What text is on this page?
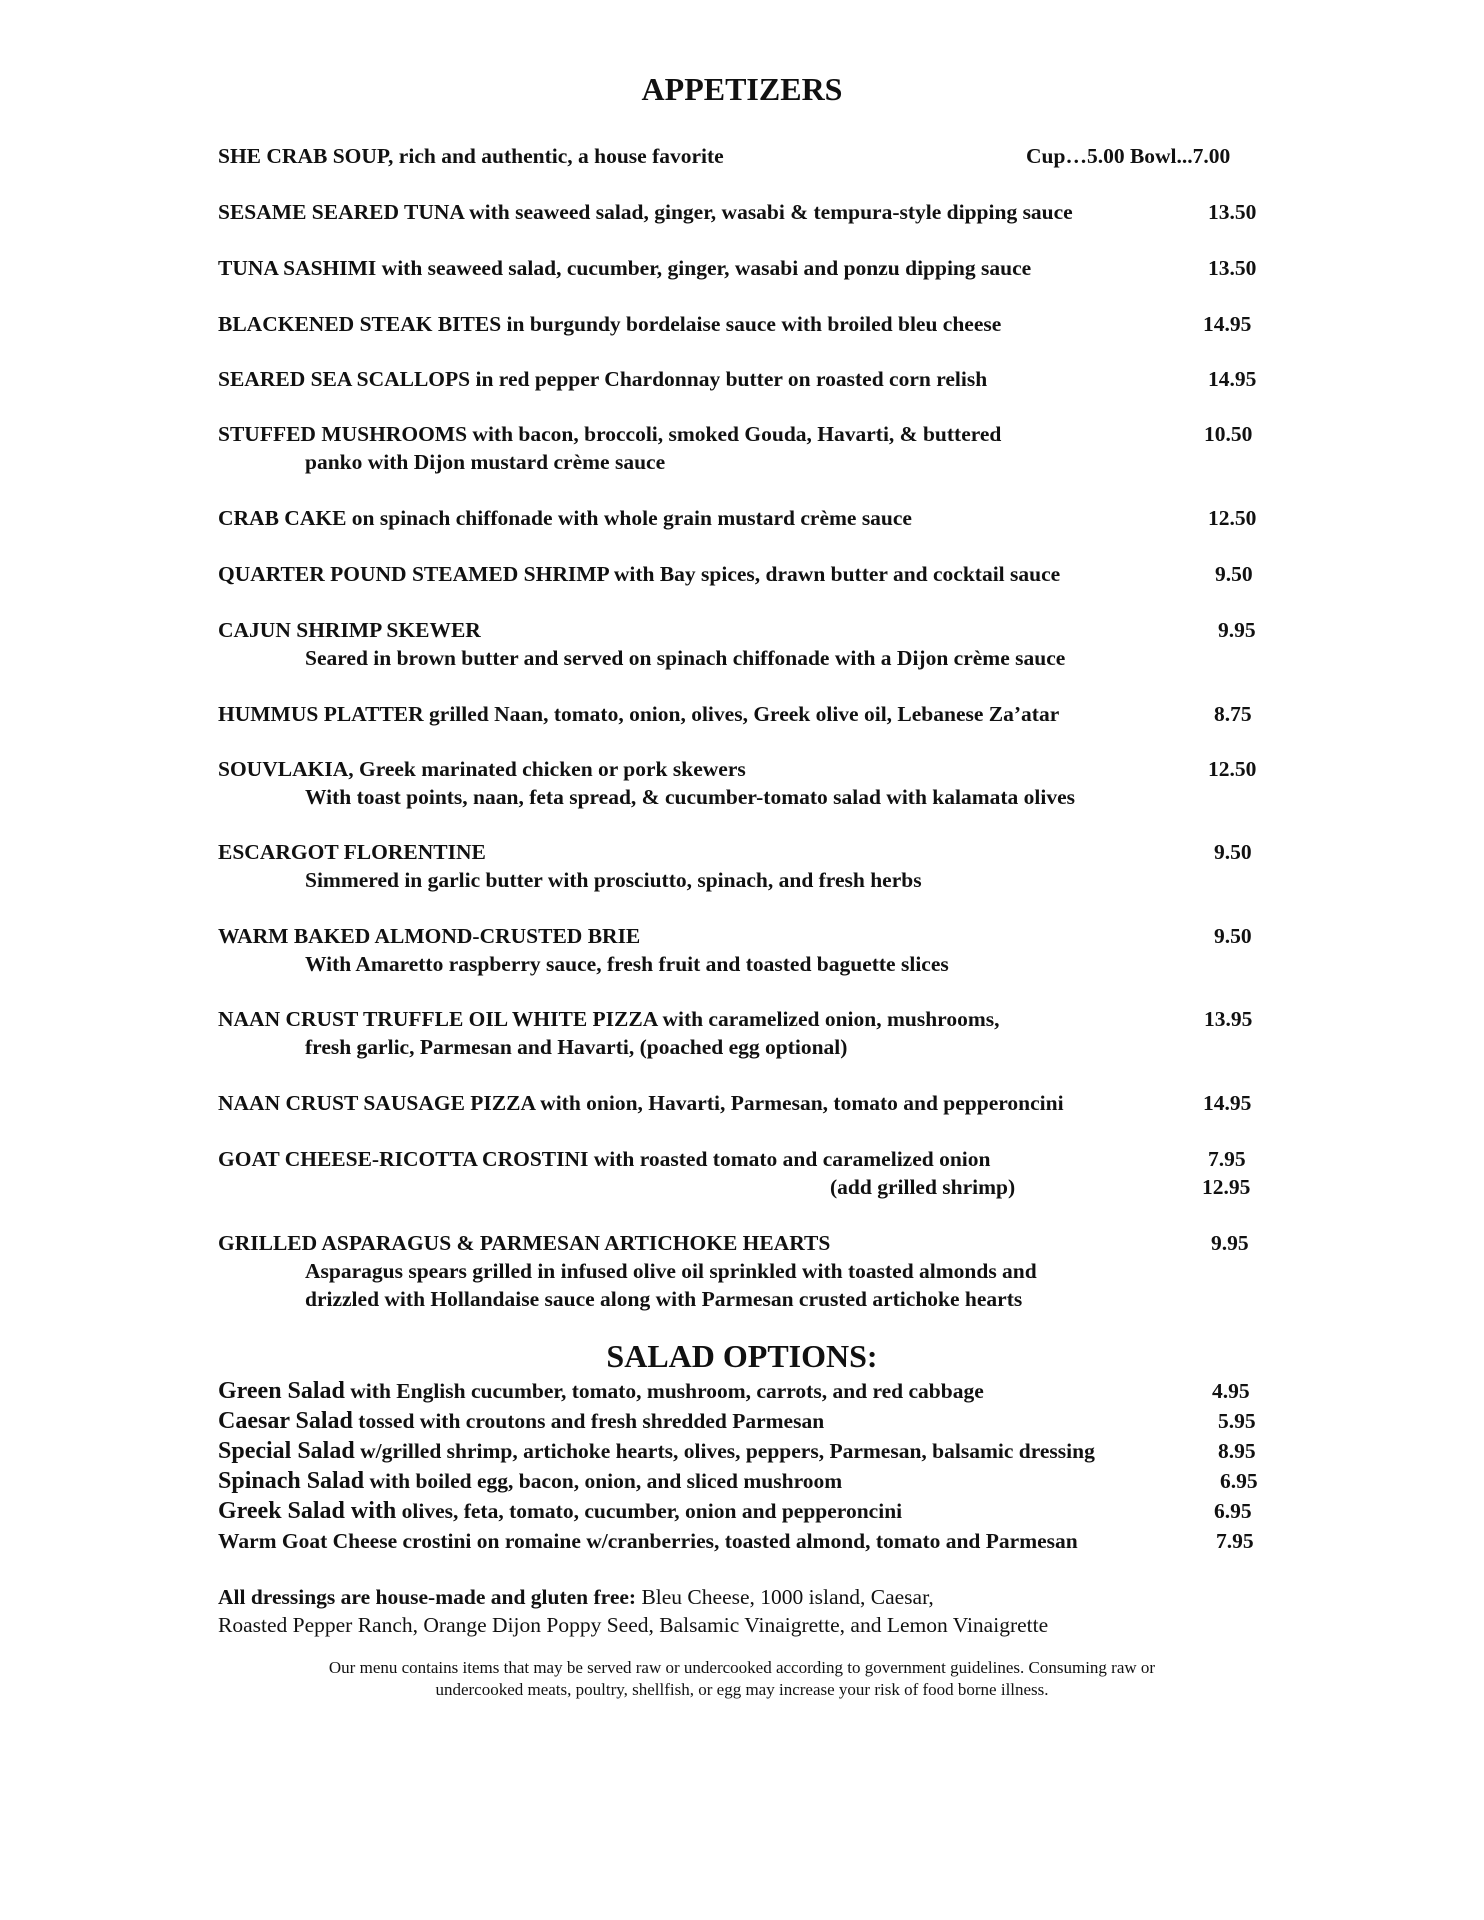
APPETIZERS
SHE CRAB SOUP, rich and authentic, a house favorite	Cup…5.00 Bowl...7.00
SESAME SEARED TUNA with seaweed salad, ginger, wasabi & tempura-style dipping sauce	13.50
TUNA SASHIMI with seaweed salad, cucumber, ginger, wasabi and ponzu dipping sauce	13.50
BLACKENED STEAK BITES in burgundy bordelaise sauce with broiled bleu cheese	14.95
SEARED SEA SCALLOPS in red pepper Chardonnay butter on roasted corn relish	14.95
STUFFED MUSHROOMS with bacon, broccoli, smoked Gouda, Havarti, & buttered	10.50
panko with Dijon mustard crème sauce
CRAB CAKE on spinach chiffonade with whole grain mustard crème sauce	12.50
QUARTER POUND STEAMED SHRIMP with Bay spices, drawn butter and cocktail sauce	9.50
CAJUN SHRIMP SKEWER	9.95
Seared in brown butter and served on spinach chiffonade with a Dijon crème sauce
HUMMUS PLATTER grilled Naan, tomato, onion, olives, Greek olive oil, Lebanese Za’atar	8.75
SOUVLAKIA, Greek marinated chicken or pork skewers	12.50
With toast points, naan, feta spread, & cucumber-tomato salad with kalamata olives
ESCARGOT FLORENTINE	9.50
Simmered in garlic butter with prosciutto, spinach, and fresh herbs
WARM BAKED ALMOND-CRUSTED BRIE	9.50
With Amaretto raspberry sauce, fresh fruit and toasted baguette slices
NAAN CRUST TRUFFLE OIL WHITE PIZZA with caramelized onion, mushrooms,	13.95
fresh garlic, Parmesan and Havarti, (poached egg optional)
NAAN CRUST SAUSAGE PIZZA with onion, Havarti, Parmesan, tomato and pepperoncini	14.95
GOAT CHEESE-RICOTTA CROSTINI with roasted tomato and caramelized onion	7.95
(add grilled shrimp)	12.95
GRILLED ASPARAGUS & PARMESAN ARTICHOKE HEARTS	9.95
Asparagus spears grilled in infused olive oil sprinkled with toasted almonds and
drizzled with Hollandaise sauce along with Parmesan crusted artichoke hearts
SALAD OPTIONS:
Green Salad with English cucumber, tomato, mushroom, carrots, and red cabbage	4.95
Caesar Salad tossed with croutons and fresh shredded Parmesan	5.95
Special Salad w/grilled shrimp, artichoke hearts, olives, peppers, Parmesan, balsamic dressing	8.95
Spinach Salad with boiled egg, bacon, onion, and sliced mushroom	6.95
Greek Salad with olives, feta, tomato, cucumber, onion and pepperoncini	6.95
Warm Goat Cheese crostini on romaine w/cranberries, toasted almond, tomato and Parmesan	7.95
All dressings are house-made and gluten free: Bleu Cheese, 1000 island, Caesar,
Roasted Pepper Ranch, Orange Dijon Poppy Seed, Balsamic Vinaigrette, and Lemon Vinaigrette
Our menu contains items that may be served raw or undercooked according to government guidelines. Consuming raw or
undercooked meats, poultry, shellfish, or egg may increase your risk of food borne illness.
